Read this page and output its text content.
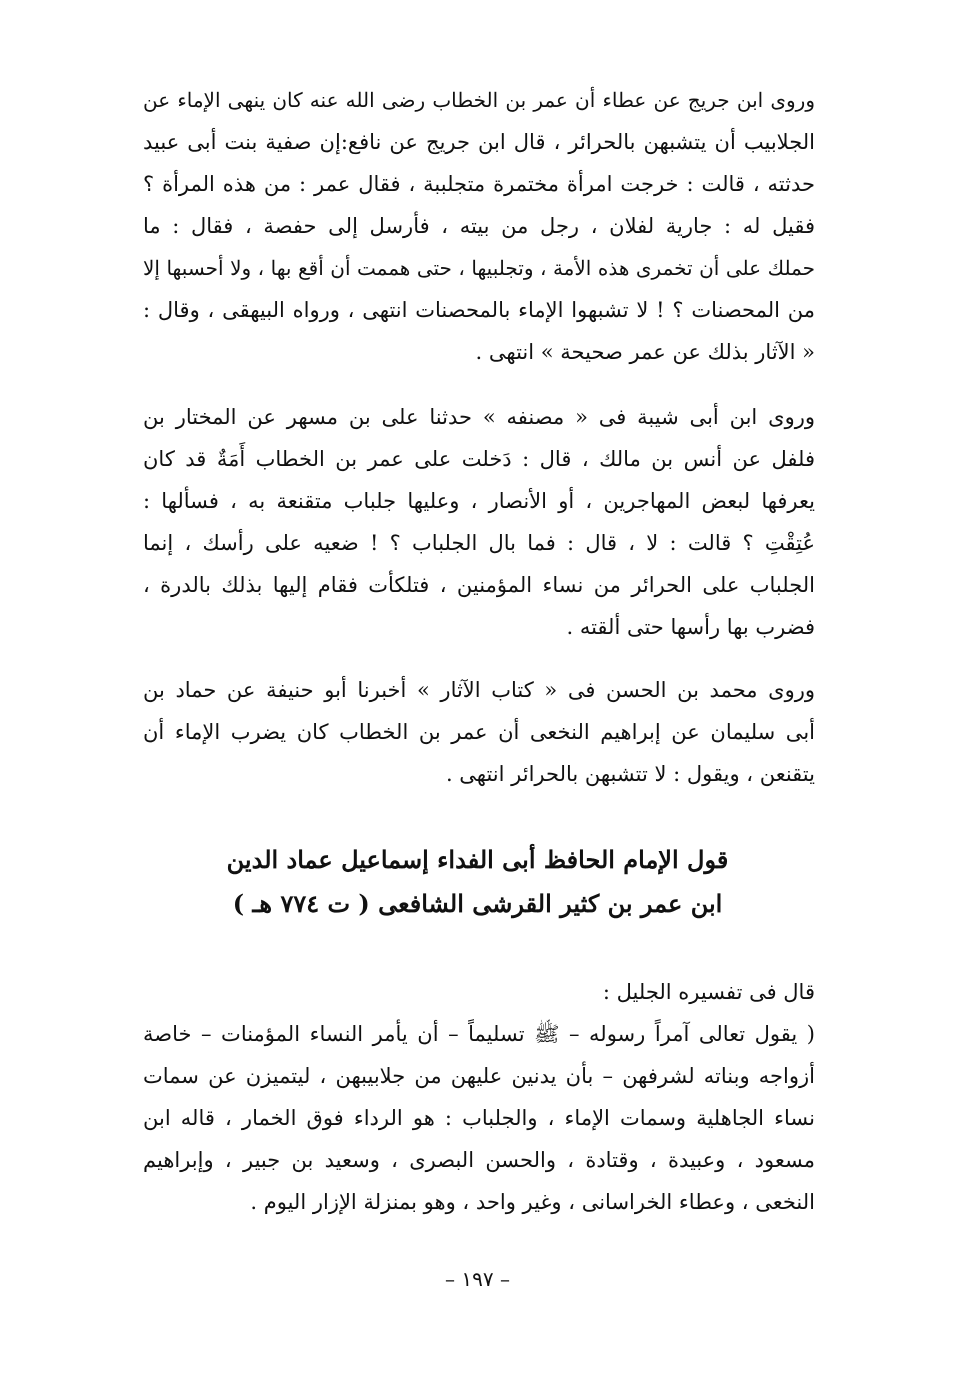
وروى ابن جريج عن عطاء أن عمر بن الخطاب رضى الله عنه كان ينهى الإماء عن
الجلابيب أن يتشبهن بالحرائر ، قال ابن جريج عن نافع:إن صفية بنت أبى عبيد
حدثته ، قالت : خرجت امرأة مختمرة متجلببة ، فقال عمر : من هذه المرأة ؟
فقيل له : جارية لفلان ، رجل من بيته ، فأرسل إلى حفصة ، فقال : ما
حملك على أن تخمرى هذه الأمة ، وتجلبيها ، حتى هممت أن أقع بها ، ولا أحسبها إلا
من المحصنات ؟ ! لا تشبهوا الإماء بالمحصنات انتهى ، ورواه البيهقى ، وقال :
« الآثار بذلك عن عمر صحيحة » انتهى .
وروى ابن أبى شيبة فى « مصنفه » حدثنا على بن مسهر عن المختار بن
فلفل عن أنس بن مالك ، قال : دَخلت على عمر بن الخطاب أَمَةٌ قد كان
يعرفها لبعض المهاجرين ، أو الأنصار ، وعليها جلباب متقنعة به ، فسألها :
عُتِقْتِ ؟ قالت : لا ، قال : فما بال الجلباب ؟ ! ضعيه على رأسك ، إنما
الجلباب على الحرائر من نساء المؤمنين ، فتلكأت فقام إليها بذلك بالدرة ،
فضرب بها رأسها حتى ألقته .
وروى محمد بن الحسن فى « كتاب الآثار » أخبرنا أبو حنيفة عن حماد بن
أبى سليمان عن إبراهيم النخعى أن عمر بن الخطاب كان يضرب الإماء أن
يتقنعن ، ويقول : لا تتشبهن بالحرائر انتهى .
قول الإمام الحافظ أبى الفداء إسماعيل عماد الدين
ابن عمر بن كثير القرشى الشافعى ( ت ٧٧٤ هـ )
قال فى تفسيره الجليل :
( يقول تعالى آمراً رسوله – ﷺ تسليماً – أن يأمر النساء المؤمنات – خاصة
أزواجه وبناته لشرفهن – بأن يدنين عليهن من جلابيبهن ، ليتميزن عن سمات
نساء الجاهلية وسمات الإماء ، والجلباب : هو الرداء فوق الخمار ، قاله ابن
مسعود ، وعبيدة ، وقتادة ، والحسن البصرى ، وسعيد بن جبير ، وإبراهيم
النخعى ، وعطاء الخراسانى ، وغير واحد ، وهو بمنزلة الإزار اليوم .
– ١٩٧ –
